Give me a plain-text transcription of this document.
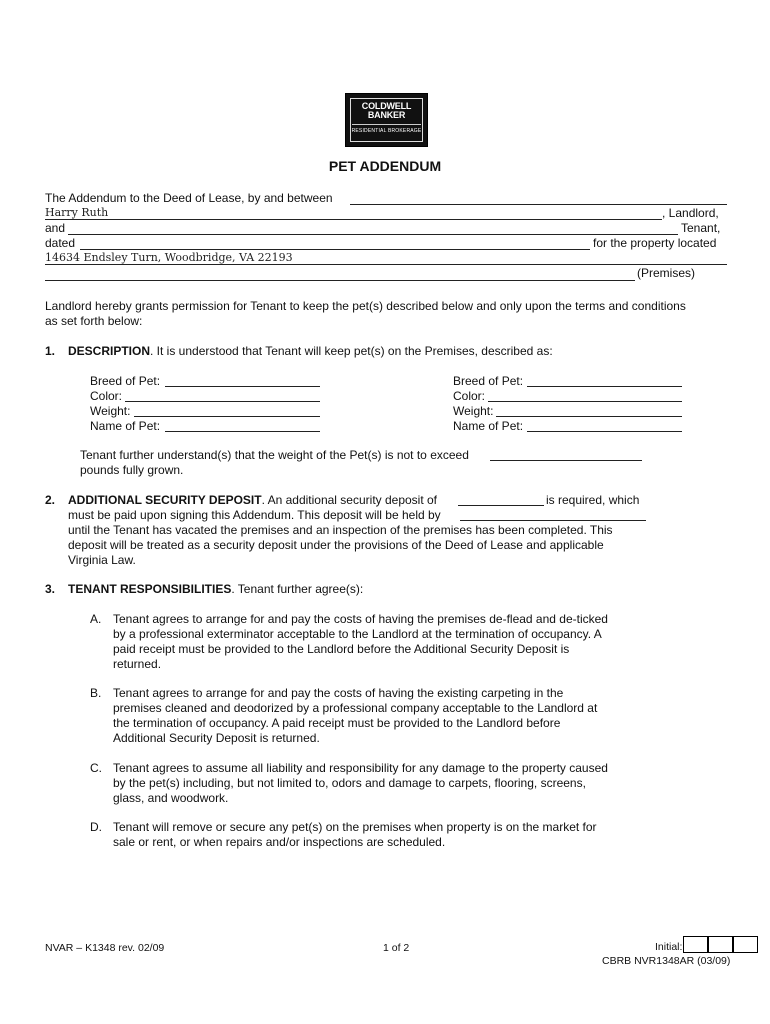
COLDWELL
BANKER
RESIDENTIAL BROKERAGE
PET ADDENDUM
The Addendum to the Deed of Lease, by and between
Harry Ruth	, Landlord,
and	Tenant,
dated	for the property located
14634 Endsley Turn, Woodbridge, VA 22193
(Premises)
Landlord hereby grants permission for Tenant to keep the pet(s) described below and only upon the terms and conditions
as set forth below:
1. DESCRIPTION. It is understood that Tenant will keep pet(s) on the Premises, described as:
Breed of Pet:
Color:
Weight:
Name of Pet:
Breed of Pet:
Color:
Weight:
Name of Pet:
Tenant further understand(s) that the weight of the Pet(s) is not to exceed
pounds fully grown.
2. ADDITIONAL SECURITY DEPOSIT. An additional security deposit of	is required, which
must be paid upon signing this Addendum. This deposit will be held by
until the Tenant has vacated the premises and an inspection of the premises has been completed. This
deposit will be treated as a security deposit under the provisions of the Deed of Lease and applicable
Virginia Law.
3. TENANT RESPONSIBILITIES. Tenant further agree(s):
A. Tenant agrees to arrange for and pay the costs of having the premises de-flead and de-ticked
by a professional exterminator acceptable to the Landlord at the termination of occupancy. A
paid receipt must be provided to the Landlord before the Additional Security Deposit is
returned.
B. Tenant agrees to arrange for and pay the costs of having the existing carpeting in the
premises cleaned and deodorized by a professional company acceptable to the Landlord at
the termination of occupancy. A paid receipt must be provided to the Landlord before
Additional Security Deposit is returned.
C. Tenant agrees to assume all liability and responsibility for any damage to the property caused
by the pet(s) including, but not limited to, odors and damage to carpets, flooring, screens,
glass, and woodwork.
D. Tenant will remove or secure any pet(s) on the premises when property is on the market for
sale or rent, or when repairs and/or inspections are scheduled.
NVAR – K1348 rev. 02/09	1 of 2	Initial:
CBRB NVR1348AR (03/09)
